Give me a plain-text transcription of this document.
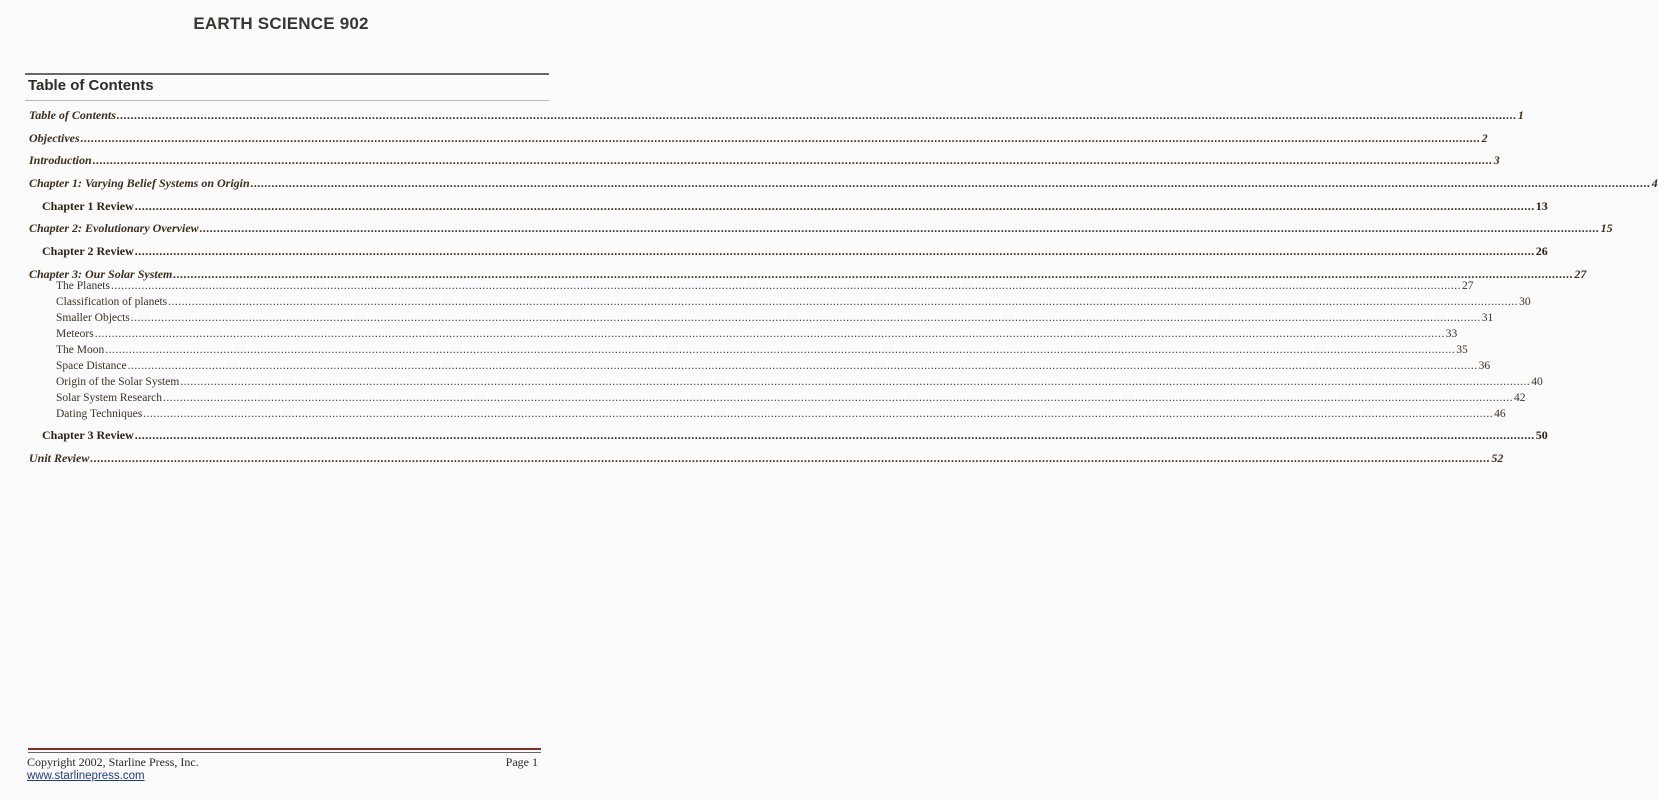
EARTH SCIENCE 902
Table of Contents
Table of Contents ................................................................................................................................................................................................................................................................................................................................................................................................................ 1
Objectives ................................................................................................................................................................................................................................................................................................................................................................................................................ 2
Introduction ................................................................................................................................................................................................................................................................................................................................................................................................................ 3
Chapter 1: Varying Belief Systems on Origin ................................................................................................................................................................................................................................................................................................................................................................................................................ 4
Chapter 1 Review ................................................................................................................................................................................................................................................................................................................................................................................................................ 13
Chapter 2: Evolutionary Overview ................................................................................................................................................................................................................................................................................................................................................................................................................ 15
Chapter 2 Review ................................................................................................................................................................................................................................................................................................................................................................................................................ 26
Chapter 3: Our Solar System ................................................................................................................................................................................................................................................................................................................................................................................................................ 27
The Planets ................................................................................................................................................................................................................................................................................................................................................................................................................ 27
Classification of planets ................................................................................................................................................................................................................................................................................................................................................................................................................ 30
Smaller Objects ................................................................................................................................................................................................................................................................................................................................................................................................................ 31
Meteors ................................................................................................................................................................................................................................................................................................................................................................................................................ 33
The Moon ................................................................................................................................................................................................................................................................................................................................................................................................................ 35
Space Distance ................................................................................................................................................................................................................................................................................................................................................................................................................ 36
Origin of the Solar System ................................................................................................................................................................................................................................................................................................................................................................................................................ 40
Solar System Research ................................................................................................................................................................................................................................................................................................................................................................................................................ 42
Dating Techniques ................................................................................................................................................................................................................................................................................................................................................................................................................ 46
Chapter 3 Review ................................................................................................................................................................................................................................................................................................................................................................................................................ 50
Unit Review ................................................................................................................................................................................................................................................................................................................................................................................................................ 52
Copyright 2002, Starline Press, Inc.
www.starlinepress.com
Page 1
